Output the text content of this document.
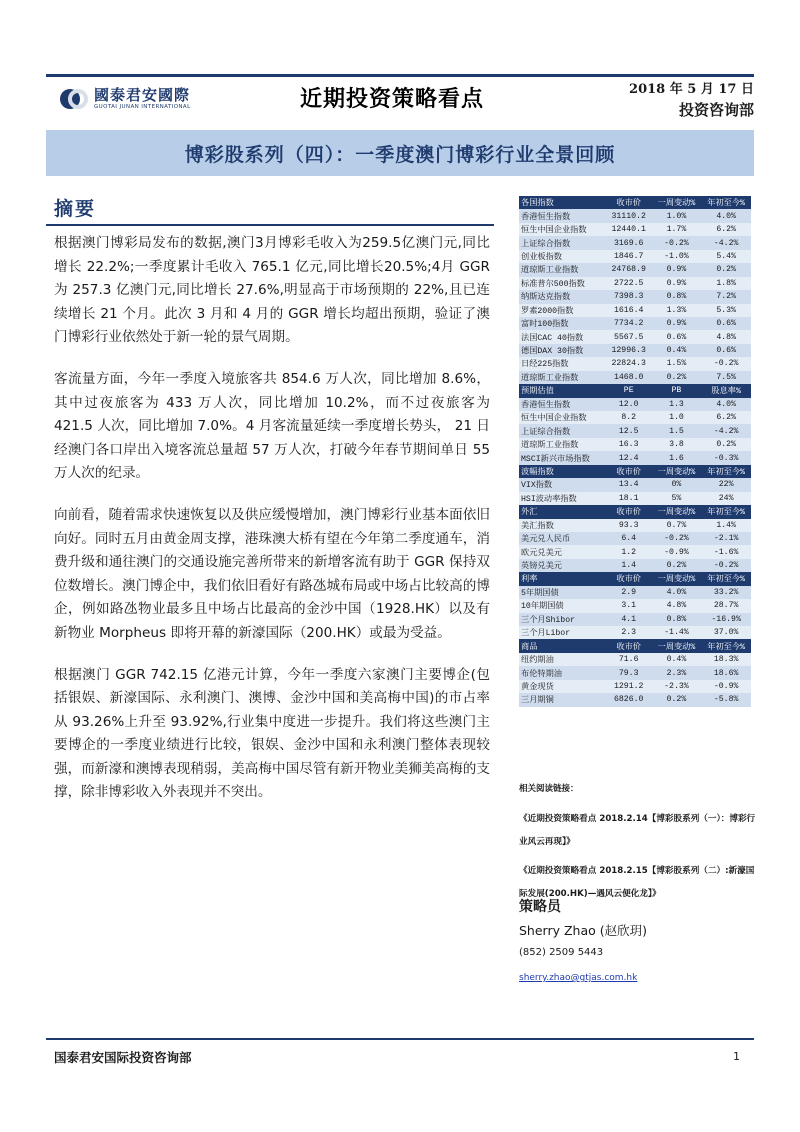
國泰君安國際
GUOTAI JUNAN INTERNATIONAL	近期投资策略看点	2018 年 5 月 17 日
投资咨询部
博彩股系列（四）：一季度澳门博彩行业全景回顾
摘要

根据澳门博彩局发布的数据,澳门3月博彩毛收入为259.5亿澳门元,同比增长 22.2%;一季度累计毛收入 765.1 亿元,同比增长20.5%;4月 GGR 为 257.3 亿澳门元,同比增长 27.6%,明显高于市场预期的 22%,且已连续增长 21 个月。此次 3 月和 4 月的 GGR 增长均超出预期，验证了澳门博彩行业依然处于新一轮的景气周期。

客流量方面，今年一季度入境旅客共 854.6 万人次，同比增加 8.6%，其中过夜旅客为 433 万人次，同比增加 10.2%，而不过夜旅客为 421.5 人次，同比增加 7.0%。4 月客流量延续一季度增长势头， 21 日经澳门各口岸出入境客流总量超 57 万人次，打破今年春节期间单日 55 万人次的纪录。

向前看，随着需求快速恢复以及供应缓慢增加，澳门博彩行业基本面依旧向好。同时五月由黄金周支撑，港珠澳大桥有望在今年第二季度通车，消费升级和通往澳门的交通设施完善所带来的新增客流有助于 GGR 保持双位数增长。澳门博企中，我们依旧看好有路氹城布局或中场占比较高的博企，例如路氹物业最多且中场占比最高的金沙中国（1928.HK）以及有新物业 Morpheus 即将开幕的新濠国际（200.HK）或最为受益。

根据澳门 GGR 742.15 亿港元计算，今年一季度六家澳门主要博企(包括银娱、新濠国际、永利澳门、澳博、金沙中国和美高梅中国)的市占率从 93.26%上升至 93.92%,行业集中度进一步提升。我们将这些澳门主要博企的一季度业绩进行比较，银娱、金沙中国和永利澳门整体表现较强，而新濠和澳博表现稍弱，美高梅中国尽管有新开物业美狮美高梅的支撑，除非博彩收入外表现并不突出。

各国指数	收市价	一周变动%	年初至今%
香港恒生指数	31110.2	1.0%	4.0%
恒生中国企业指数	12440.1	1.7%	6.2%
上证综合指数	3169.6	-0.2%	-4.2%
创业板指数	1846.7	-1.0%	5.4%
道琼斯工业指数	24768.9	0.9%	0.2%
标准普尔500指数	2722.5	0.9%	1.8%
纳斯达克指数	7398.3	0.8%	7.2%
罗素2000指数	1616.4	1.3%	5.3%
富时100指数	7734.2	0.9%	0.6%
法国CAC 40指数	5567.5	0.6%	4.8%
德国DAX 30指数	12996.3	0.4%	0.6%
日经225指数	22824.3	1.5%	-0.2%
道琼斯工业指数	1468.0	0.2%	7.5%
预期估值	PE	PB	股息率%
香港恒生指数	12.0	1.3	4.0%
恒生中国企业指数	8.2	1.0	6.2%
上证综合指数	12.5	1.5	-4.2%
道琼斯工业指数	16.3	3.8	0.2%
MSCI新兴市场指数	12.4	1.6	-0.3%
波幅指数	收市价	一周变动%	年初至今%
VIX指数	13.4	0%	22%
HSI波动率指数	18.1	5%	24%
外汇	收市价	一周变动%	年初至今%
美汇指数	93.3	0.7%	1.4%
美元兑人民币	6.4	-0.2%	-2.1%
欧元兑美元	1.2	-0.9%	-1.6%
英镑兑美元	1.4	0.2%	-0.2%
利率	收市价	一周变动%	年初至今%
5年期国债	2.9	4.0%	33.2%
10年期国债	3.1	4.8%	28.7%
三个月Shibor	4.1	0.8%	-16.9%
三个月Libor	2.3	-1.4%	37.0%
商品	收市价	一周变动%	年初至今%
纽约期油	71.6	0.4%	18.3%
布伦特期油	79.3	2.3%	18.6%
黄金现货	1291.2	-2.3%	-0.9%
三月期铜	6826.0	0.2%	-5.8%
相关阅读链接：
《近期投资策略看点 2018.2.14【博彩股系列（一）：博彩行业风云再现】》
《近期投资策略看点 2018.2.15【博彩股系列（二）:新濠国际发展(200.HK)—遇风云便化龙】》
策略员
Sherry Zhao (赵欣玥)
(852) 2509 5443
sherry.zhao@gtjas.com.hk
国泰君安国际投资咨询部	1
